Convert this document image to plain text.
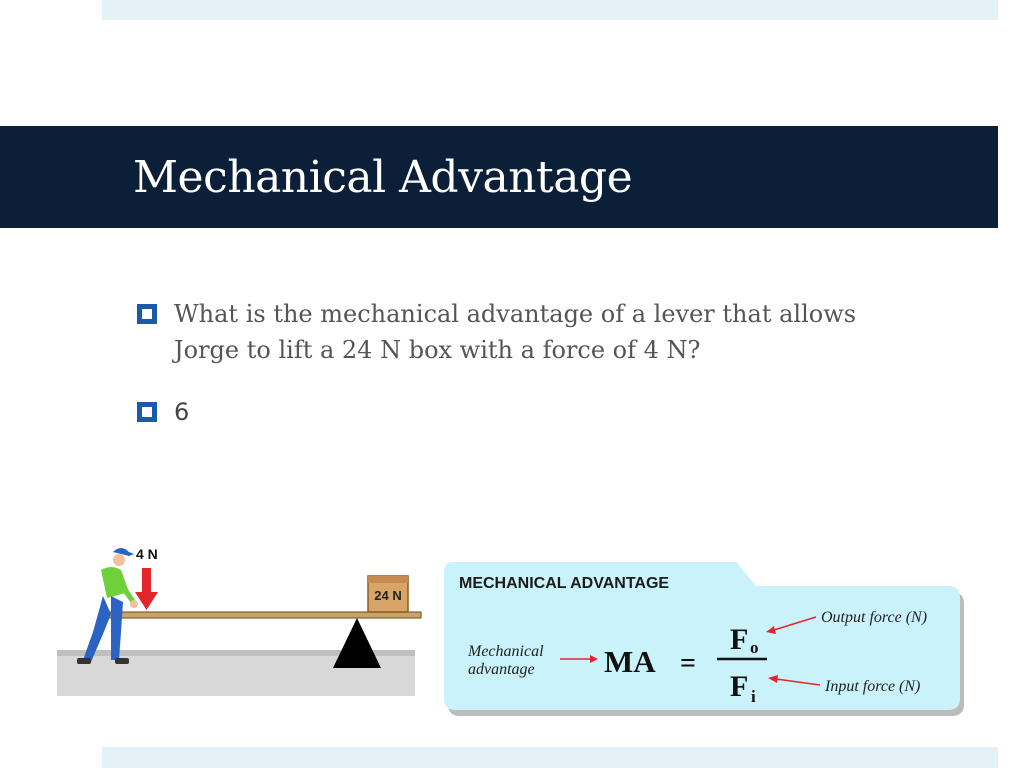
Mechanical Advantage
What is the mechanical advantage of a lever that allows Jorge to lift a 24 N box with a force of 4 N?
6
24 N
4 N
MECHANICAL ADVANTAGE
Mechanical
advantage MA =
F o
F i
Output force (N)
Input force (N)
